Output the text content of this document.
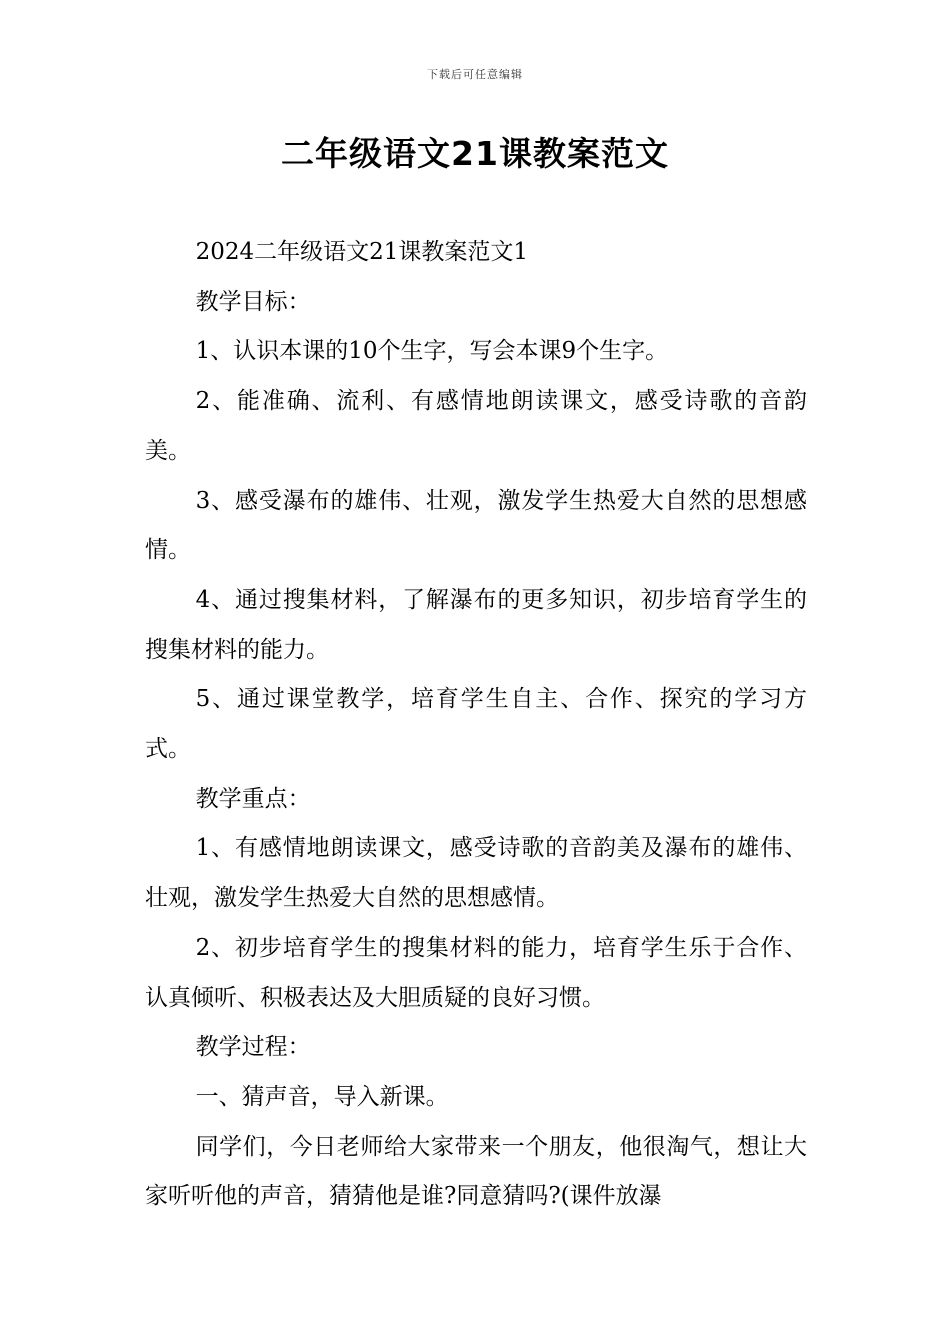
下载后可任意编辑
二年级语文21课教案范文

2024二年级语文21课教案范文1

教学目标：

1、认识本课的10个生字，写会本课9个生字。

2、能准确、流利、有感情地朗读课文，感受诗歌的音韵美。

3、感受瀑布的雄伟、壮观，激发学生热爱大自然的思想感情。

4、通过搜集材料，了解瀑布的更多知识，初步培育学生的搜集材料的能力。

5、通过课堂教学，培育学生自主、合作、探究的学习方式。

教学重点：

1、有感情地朗读课文，感受诗歌的音韵美及瀑布的雄伟、壮观，激发学生热爱大自然的思想感情。

2、初步培育学生的搜集材料的能力，培育学生乐于合作、认真倾听、积极表达及大胆质疑的良好习惯。

教学过程：

一、猜声音，导入新课。

同学们，今日老师给大家带来一个朋友，他很淘气，想让大家听听他的声音，猜猜他是谁?同意猜吗?(课件放瀑
